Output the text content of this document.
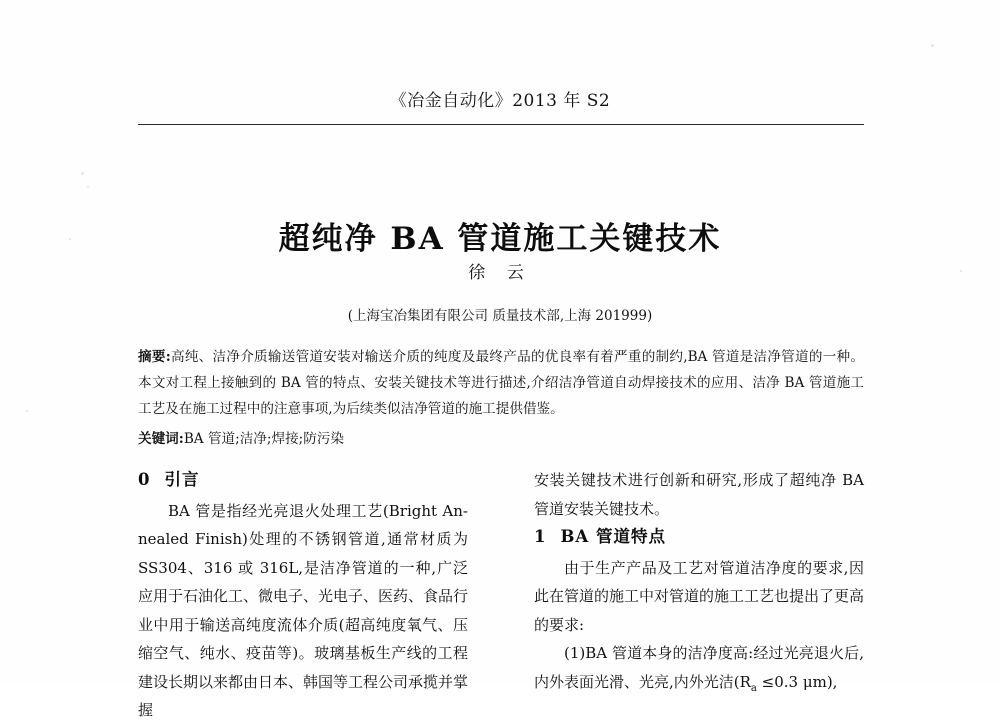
《冶金自动化》2013 年 S2
超纯净 BA 管道施工关键技术
徐 云
(上海宝冶集团有限公司 质量技术部,上海 201999)
摘要:高纯、洁净介质输送管道安装对输送介质的纯度及最终产品的优良率有着严重的制约,BA 管道是洁净管道的一种。本文对工程上接触到的 BA 管的特点、安装关键技术等进行描述,介绍洁净管道自动焊接技术的应用、洁净 BA 管道施工工艺及在施工过程中的注意事项,为后续类似洁净管道的施工提供借鉴。
关键词:BA 管道;洁净;焊接;防污染
0 引言

BA 管是指经光亮退火处理工艺(Bright An-nealed Finish)处理的不锈钢管道,通常材质为 SS304、316 或 316L,是洁净管道的一种,广泛应用于石油化工、微电子、光电子、医药、食品行业中用于输送高纯度流体介质(超高纯度氧气、压缩空气、纯水、疫苗等)。玻璃基板生产线的工程建设长期以来都由日本、韩国等工程公司承揽并掌握

安装关键技术进行创新和研究,形成了超纯净 BA 管道安装关键技术。

1 BA 管道特点

由于生产产品及工艺对管道洁净度的要求,因此在管道的施工中对管道的施工工艺也提出了更高的要求:

(1)BA 管道本身的洁净度高:经过光亮退火后,内外表面光滑、光亮,内外光洁($R_a \le 0.3$ μm),
